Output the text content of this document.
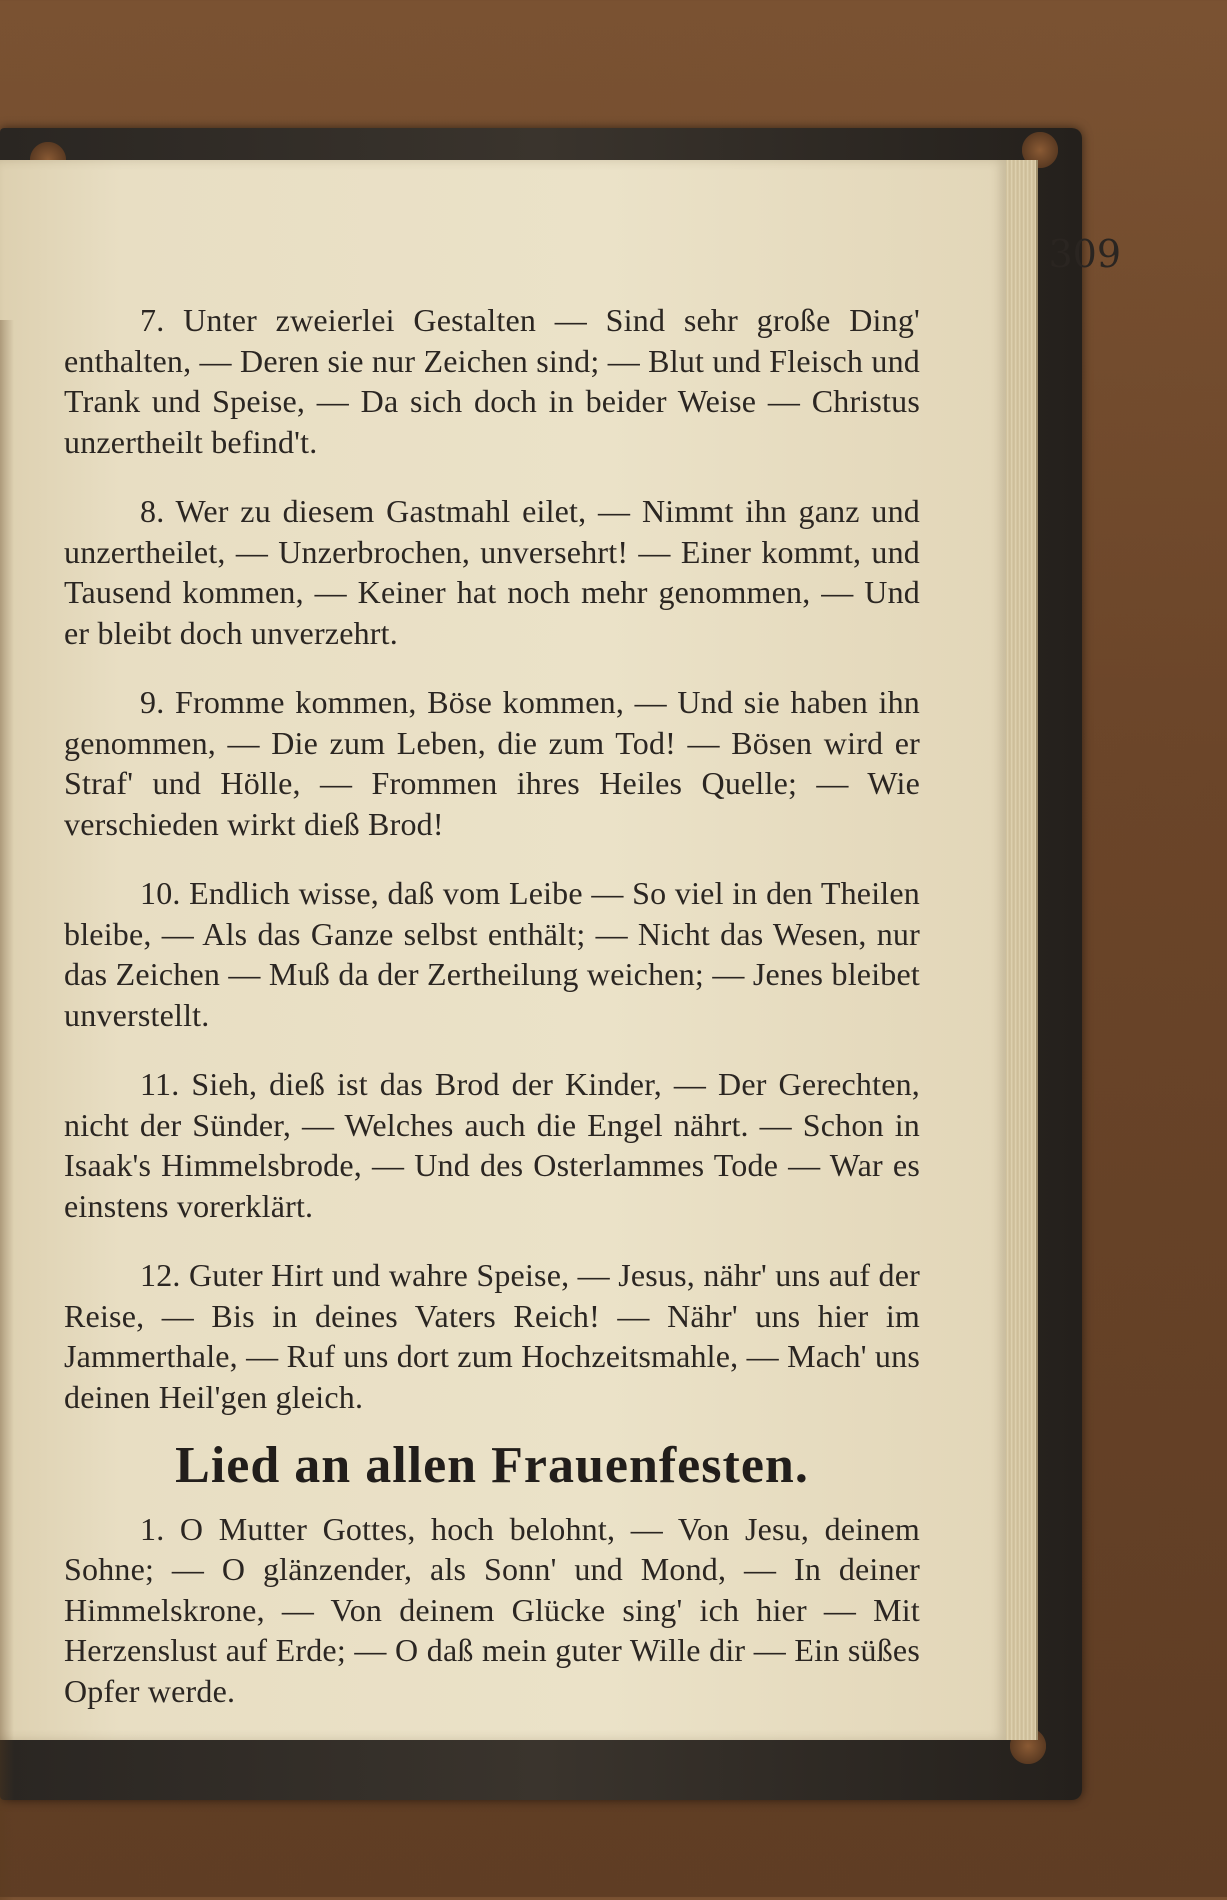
309

7. Unter zweierlei Gestalten — Sind sehr große Ding' enthalten, — Deren sie nur Zeichen sind; — Blut und Fleisch und Trank und Speise, — Da sich doch in beider Weise — Christus unzertheilt befind't.

8. Wer zu diesem Gastmahl eilet, — Nimmt ihn ganz und unzertheilet, — Unzerbrochen, unversehrt! — Einer kommt, und Tausend kommen, — Keiner hat noch mehr genommen, — Und er bleibt doch unverzehrt.

9. Fromme kommen, Böse kommen, — Und sie haben ihn genommen, — Die zum Leben, die zum Tod! — Bösen wird er Straf' und Hölle, — Frommen ihres Heiles Quelle; — Wie verschieden wirkt dieß Brod!

10. Endlich wisse, daß vom Leibe — So viel in den Theilen bleibe, — Als das Ganze selbst enthält; — Nicht das Wesen, nur das Zeichen — Muß da der Zertheilung weichen; — Jenes bleibet unverstellt.

11. Sieh, dieß ist das Brod der Kinder, — Der Gerechten, nicht der Sünder, — Welches auch die Engel nährt. — Schon in Isaak's Himmelsbrode, — Und des Osterlammes Tode — War es einstens vorerklärt.

12. Guter Hirt und wahre Speise, — Jesus, nähr' uns auf der Reise, — Bis in deines Vaters Reich! — Nähr' uns hier im Jammerthale, — Ruf uns dort zum Hochzeitsmahle, — Mach' uns deinen Heil'gen gleich.

Lied an allen Frauenfesten.

1. O Mutter Gottes, hoch belohnt, — Von Jesu, deinem Sohne; — O glänzender, als Sonn' und Mond, — In deiner Himmelskrone, — Von deinem Glücke sing' ich hier — Mit Herzenslust auf Erde; — O daß mein guter Wille dir — Ein süßes Opfer werde.
